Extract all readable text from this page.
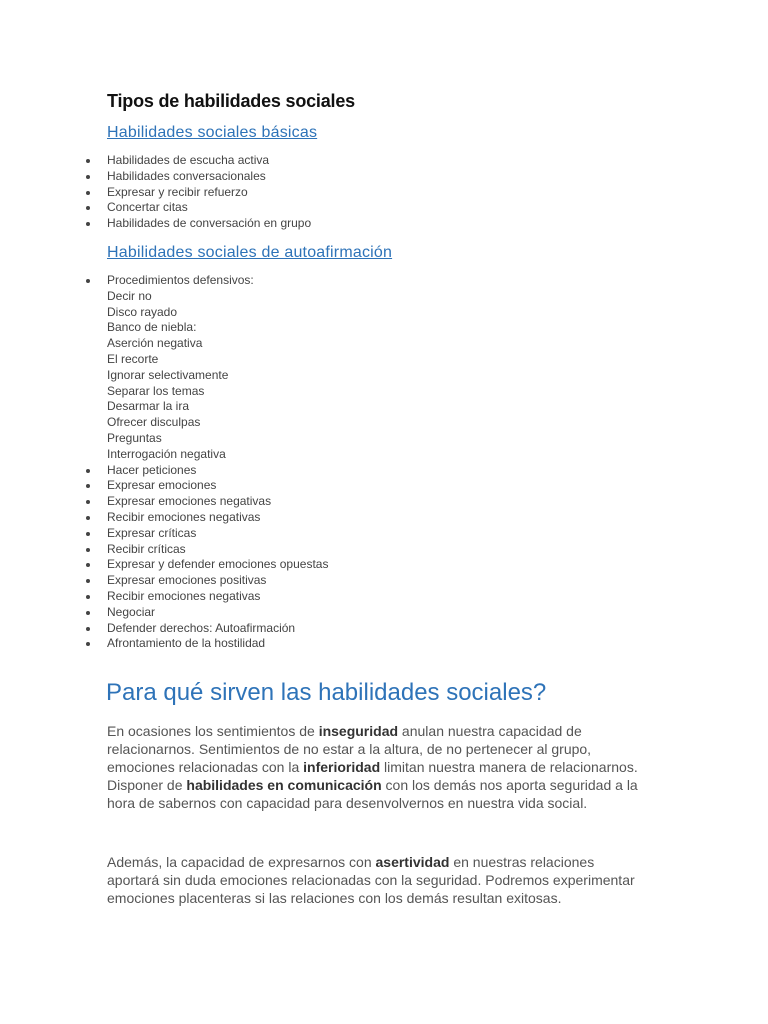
Tipos de habilidades sociales
Habilidades sociales básicas
Habilidades de escucha activa
Habilidades conversacionales
Expresar y recibir refuerzo
Concertar citas
Habilidades de conversación en grupo
Habilidades sociales de autoafirmación
Procedimientos defensivos:
Decir no
Disco rayado
Banco de niebla:
Aserción negativa
El recorte
Ignorar selectivamente
Separar los temas
Desarmar la ira
Ofrecer disculpas
Preguntas
Interrogación negativa
Hacer peticiones
Expresar emociones
Expresar emociones negativas
Recibir emociones negativas
Expresar críticas
Recibir críticas
Expresar y defender emociones opuestas
Expresar emociones positivas
Recibir emociones negativas
Negociar
Defender derechos: Autoafirmación
Afrontamiento de la hostilidad
Para qué sirven las habilidades sociales?

En ocasiones los sentimientos de inseguridad anulan nuestra capacidad de relacionarnos. Sentimientos de no estar a la altura, de no pertenecer al grupo, emociones relacionadas con la inferioridad limitan nuestra manera de relacionarnos. Disponer de habilidades en comunicación con los demás nos aporta seguridad a la hora de sabernos con capacidad para desenvolvernos en nuestra vida social.

Además, la capacidad de expresarnos con asertividad en nuestras relaciones aportará sin duda emociones relacionadas con la seguridad. Podremos experimentar emociones placenteras si las relaciones con los demás resultan exitosas.
